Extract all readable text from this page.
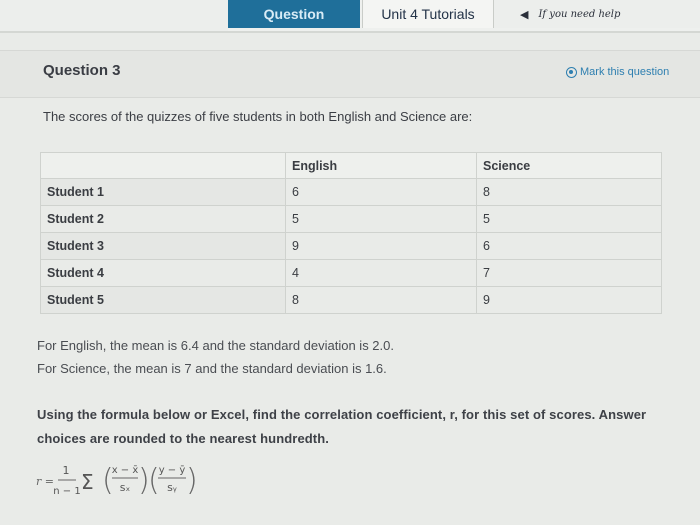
Question	Unit 4 Tutorials	◀ If you need help
Question 3	Mark this question
The scores of the quizzes of five students in both English and Science are:
	English	Science
Student 1	6	8
Student 2	5	5
Student 3	9	6
Student 4	4	7
Student 5	8	9
For English, the mean is 6.4 and the standard deviation is 2.0.
For Science, the mean is 7 and the standard deviation is 1.6.
Using the formula below or Excel, find the correlation coefficient, r, for this set of scores. Answer choices are rounded to the nearest hundredth.
r =
1
n − 1 Σ (
x − x̄
sₓ )
(
y − ȳ
sᵧ )
